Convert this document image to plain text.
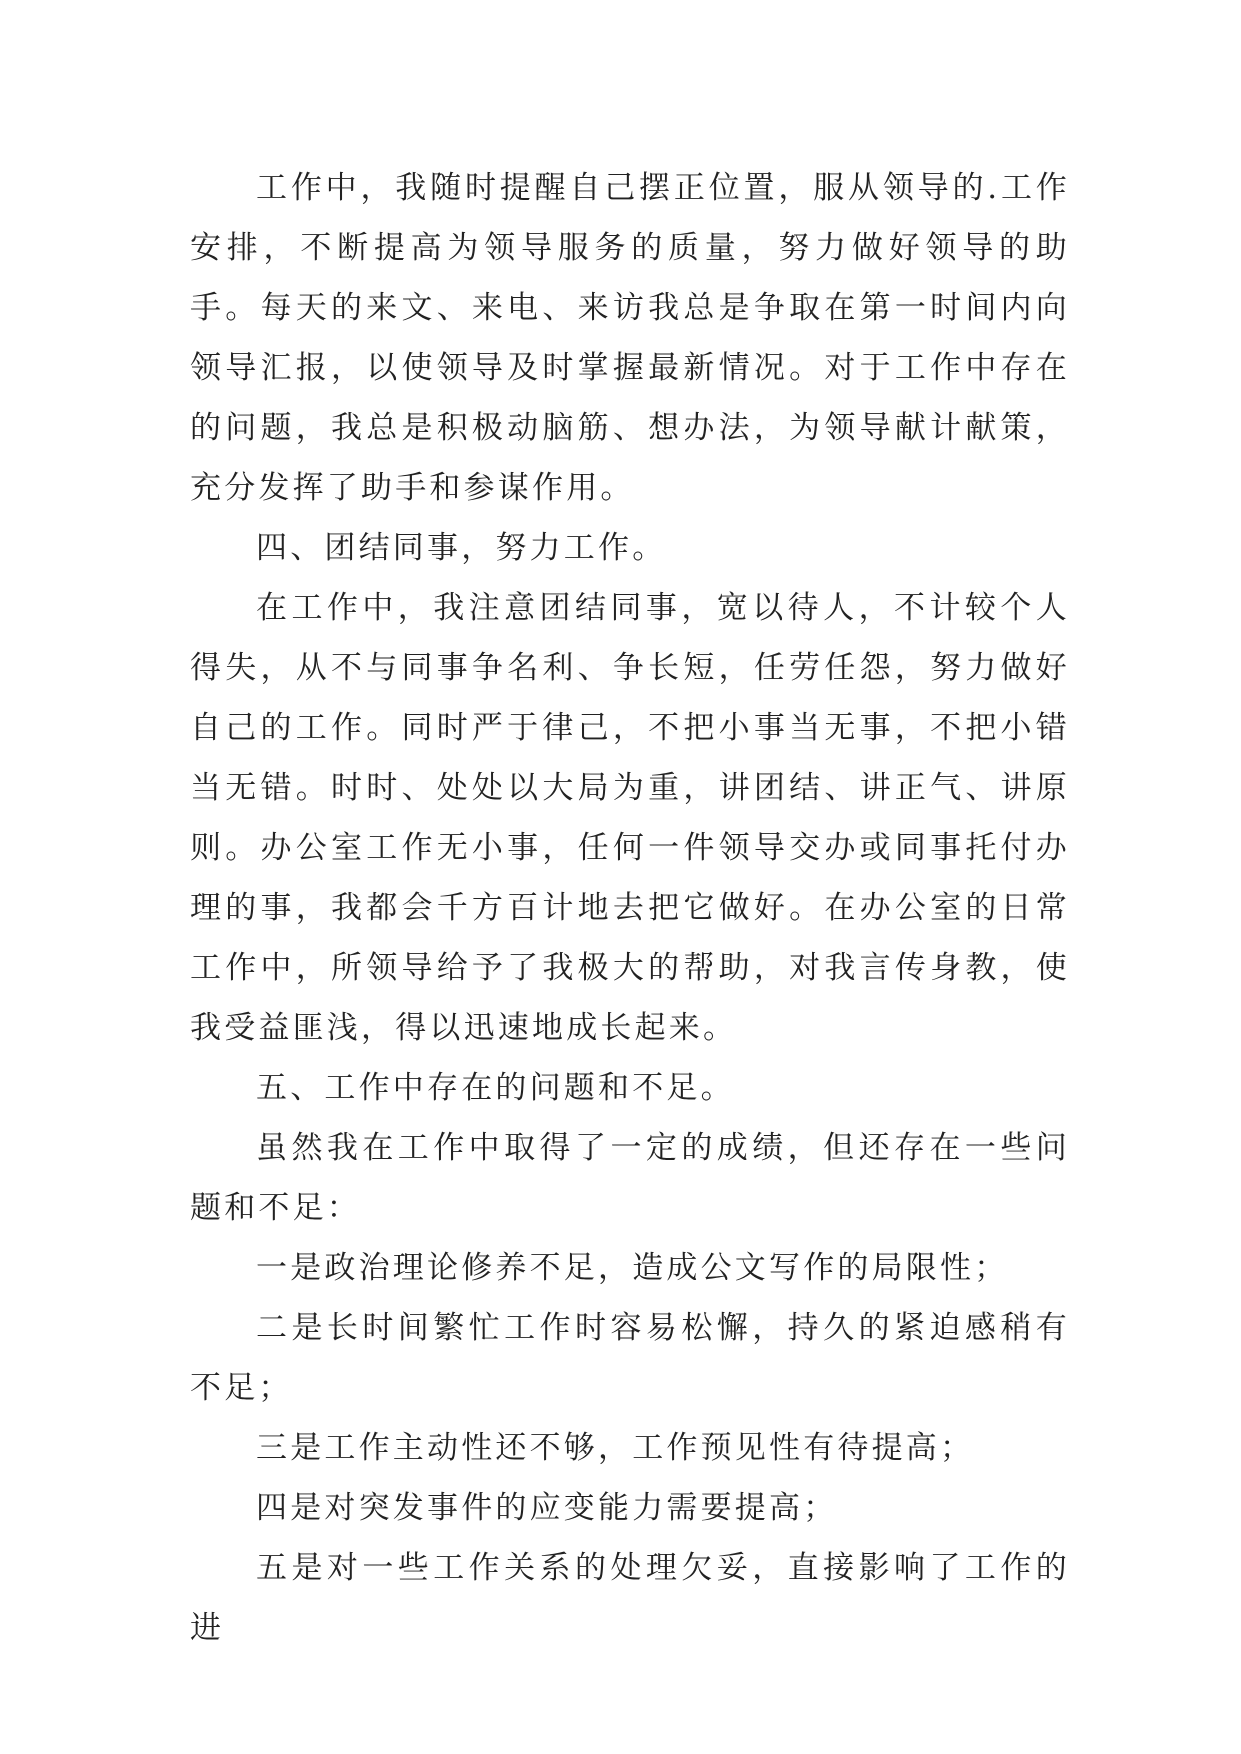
工作中，我随时提醒自己摆正位置，服从领导的.工作安排，不断提高为领导服务的质量，努力做好领导的助手。每天的来文、来电、来访我总是争取在第一时间内向领导汇报，以使领导及时掌握最新情况。对于工作中存在的问题，我总是积极动脑筋、想办法，为领导献计献策，充分发挥了助手和参谋作用。

四、团结同事，努力工作。

在工作中，我注意团结同事，宽以待人，不计较个人得失，从不与同事争名利、争长短，任劳任怨，努力做好自己的工作。同时严于律己，不把小事当无事，不把小错当无错。时时、处处以大局为重，讲团结、讲正气、讲原则。办公室工作无小事，任何一件领导交办或同事托付办理的事，我都会千方百计地去把它做好。在办公室的日常工作中，所领导给予了我极大的帮助，对我言传身教，使我受益匪浅，得以迅速地成长起来。

五、工作中存在的问题和不足。

虽然我在工作中取得了一定的成绩，但还存在一些问题和不足：

一是政治理论修养不足，造成公文写作的局限性；

二是长时间繁忙工作时容易松懈，持久的紧迫感稍有不足；

三是工作主动性还不够，工作预见性有待提高；

四是对突发事件的应变能力需要提高；

五是对一些工作关系的处理欠妥，直接影响了工作的进
